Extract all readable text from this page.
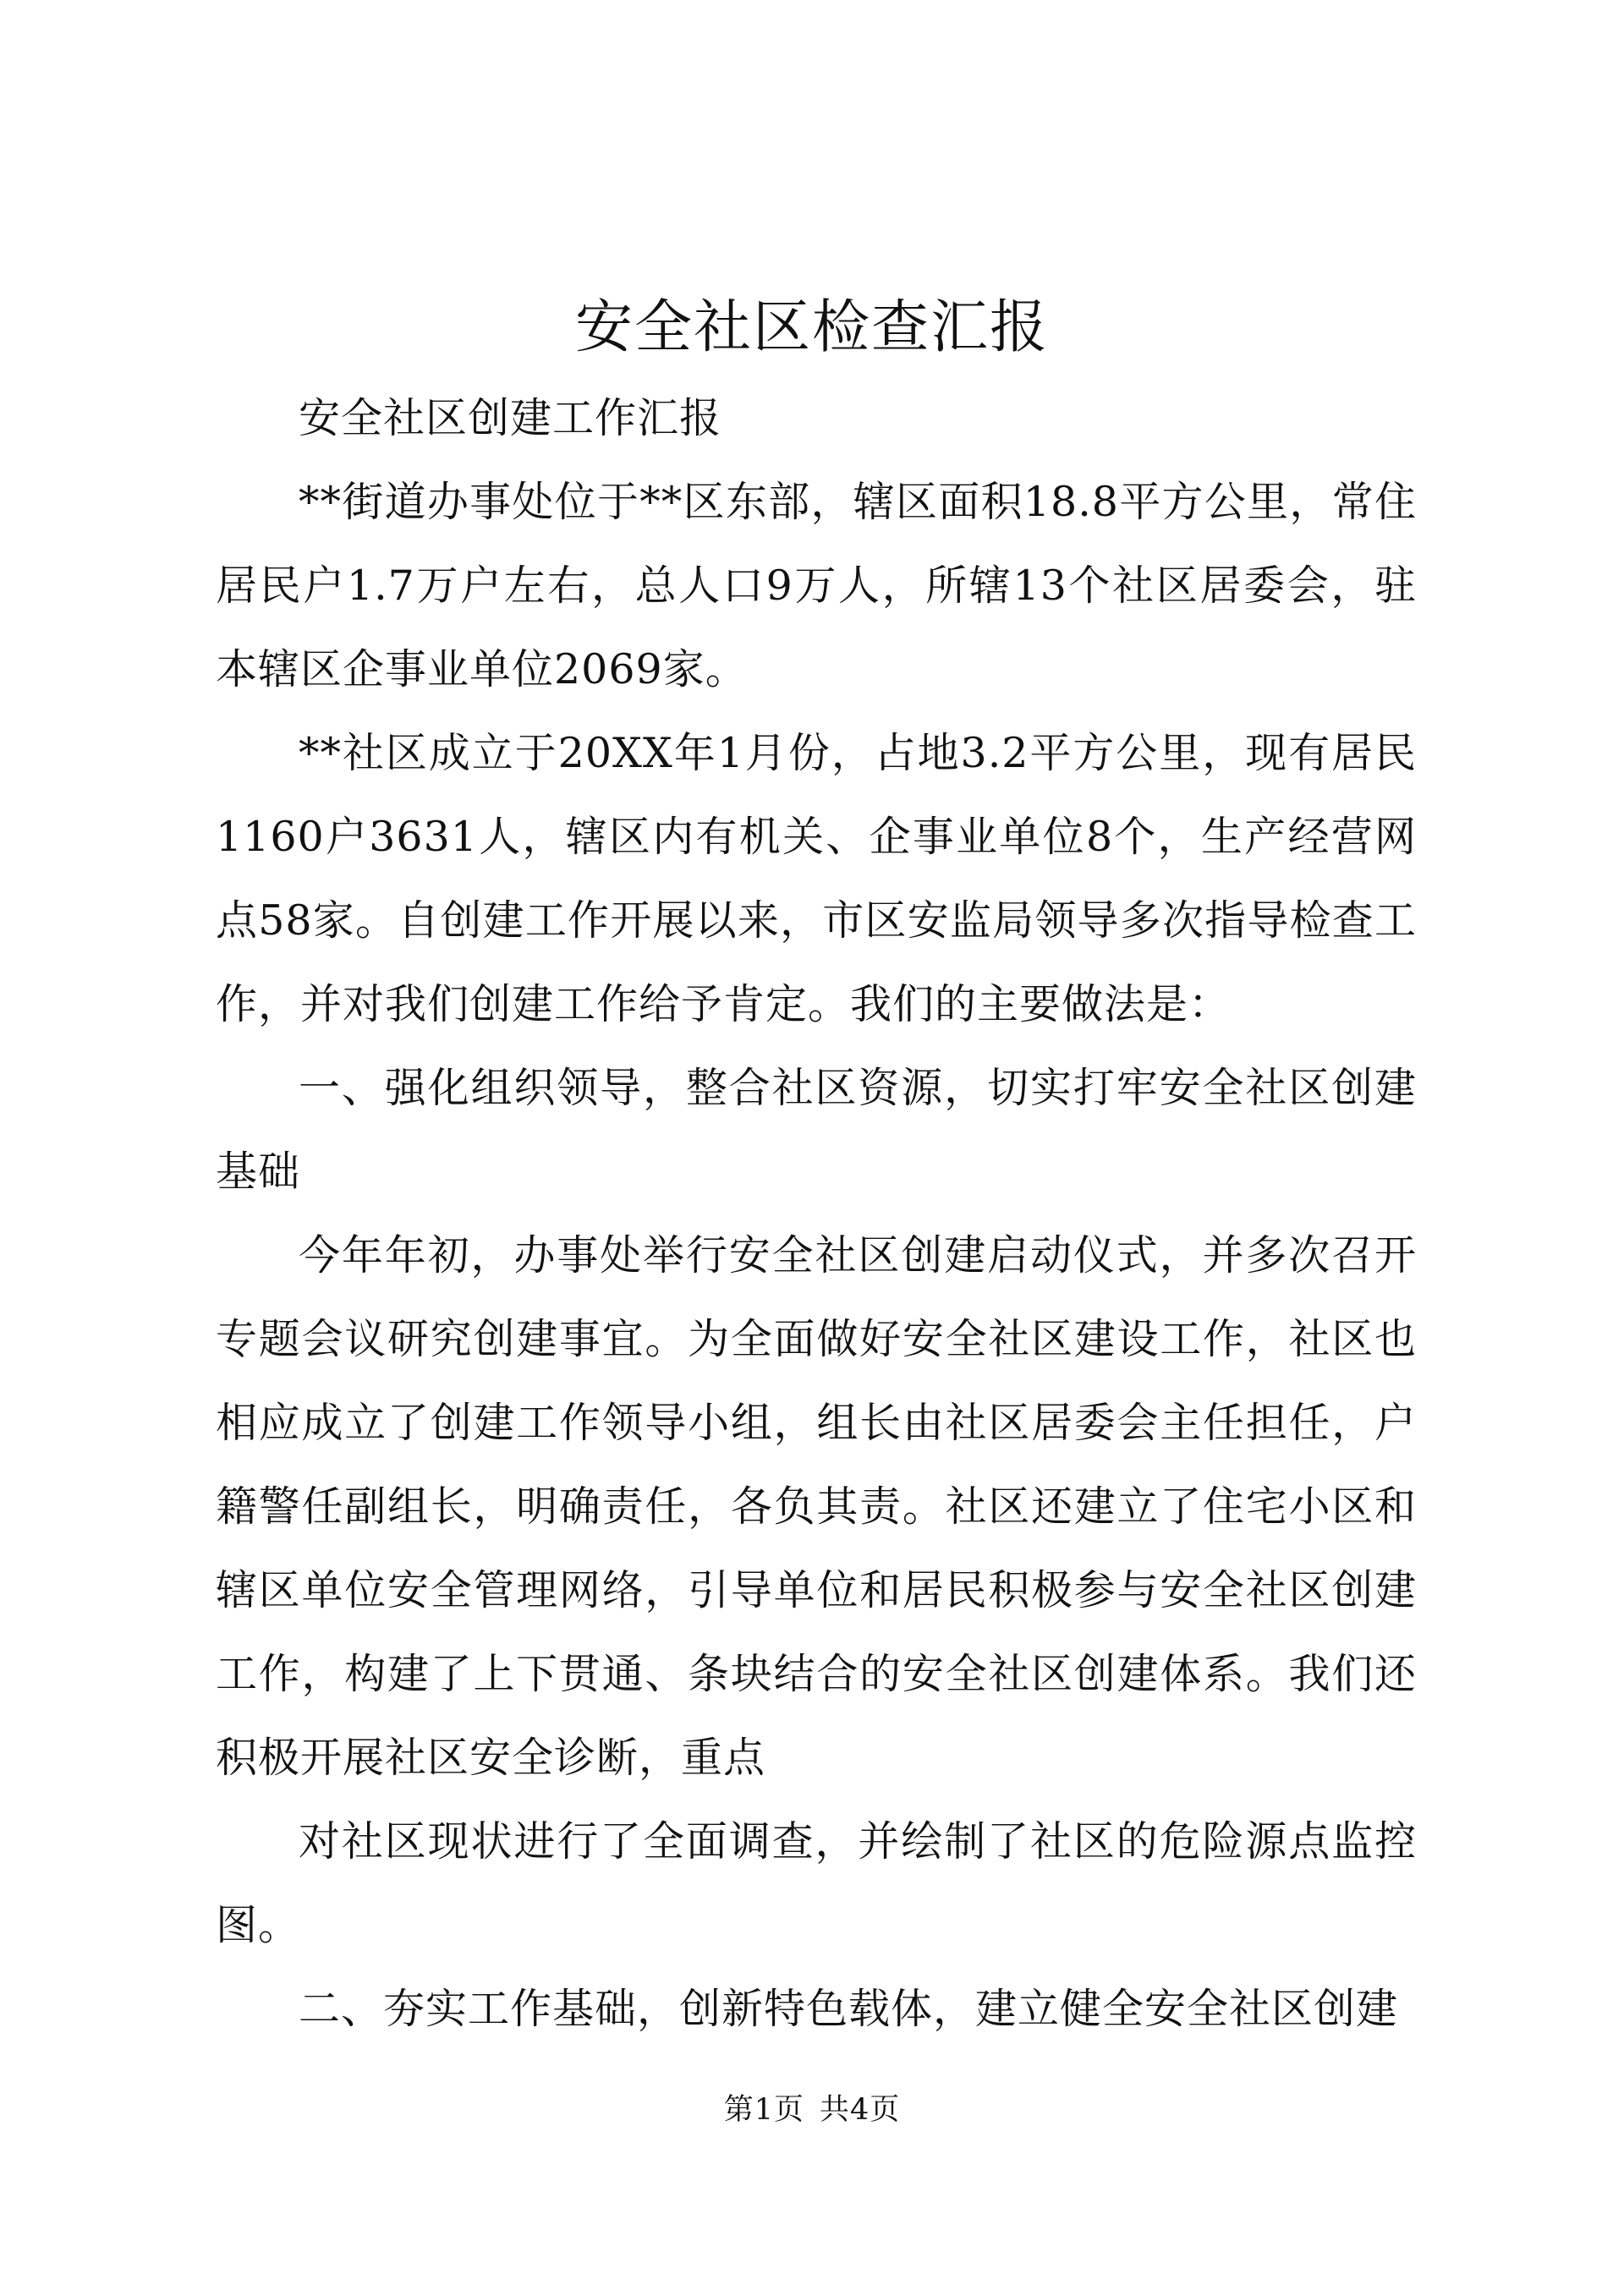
安全社区检查汇报

安全社区创建工作汇报

**街道办事处位于**区东部，辖区面积18.8平方公里，常住居民户1.7万户左右，总人口9万人，所辖13个社区居委会，驻本辖区企事业单位2069家。

**社区成立于20XX年1月份，占地3.2平方公里，现有居民1160户3631人，辖区内有机关、企事业单位8个，生产经营网点58家。自创建工作开展以来，市区安监局领导多次指导检查工作，并对我们创建工作给予肯定。我们的主要做法是：

一、强化组织领导，整合社区资源，切实打牢安全社区创建基础

今年年初，办事处举行安全社区创建启动仪式，并多次召开专题会议研究创建事宜。为全面做好安全社区建设工作，社区也相应成立了创建工作领导小组，组长由社区居委会主任担任，户籍警任副组长，明确责任，各负其责。社区还建立了住宅小区和辖区单位安全管理网络，引导单位和居民积极参与安全社区创建工作，构建了上下贯通、条块结合的安全社区创建体系。我们还积极开展社区安全诊断，重点

对社区现状进行了全面调查，并绘制了社区的危险源点监控图。

二、夯实工作基础，创新特色载体，建立健全安全社区创建

第1页 共4页
